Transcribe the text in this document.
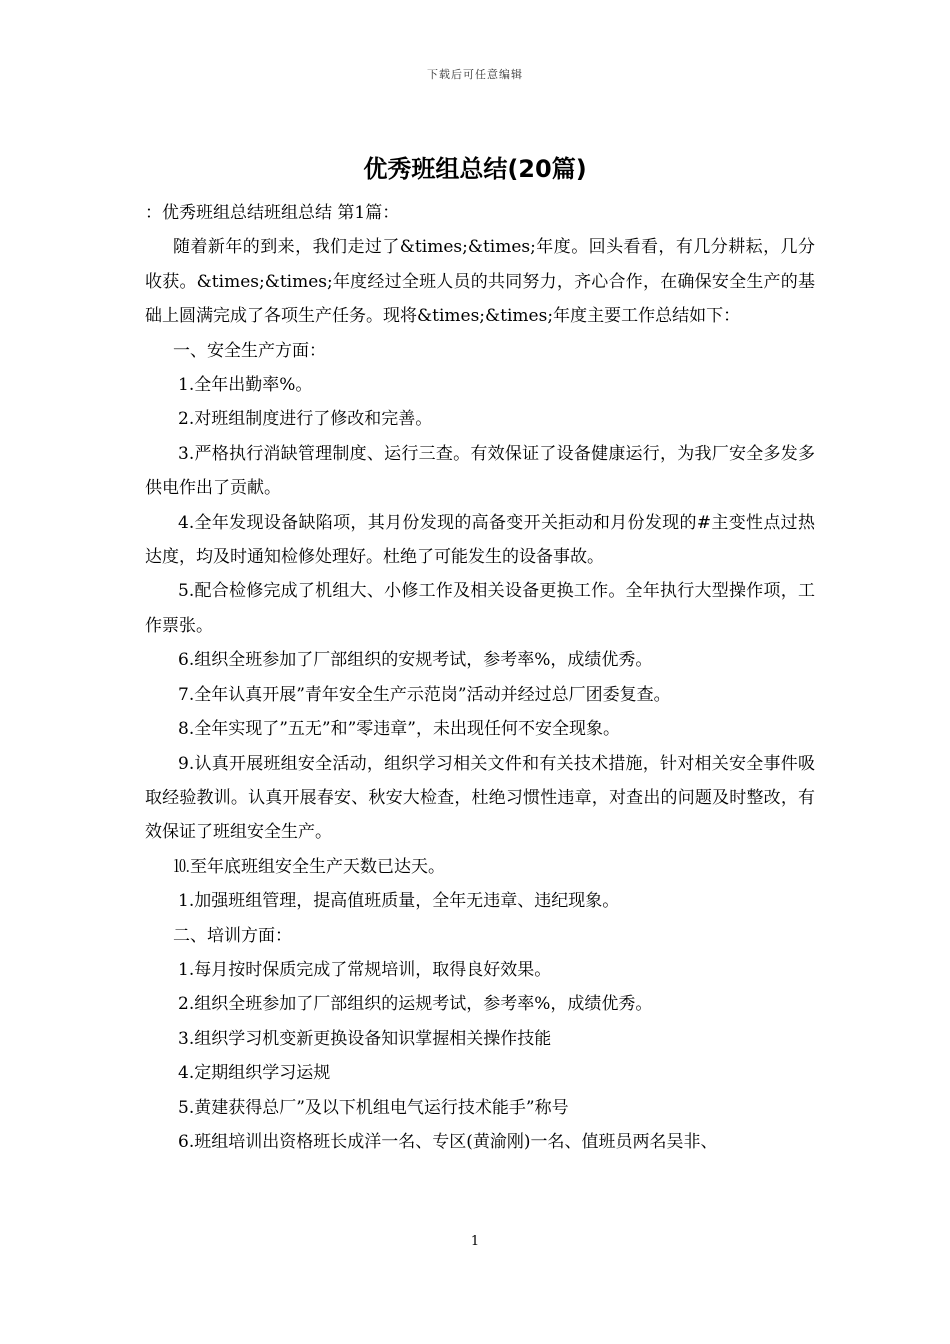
下载后可任意编辑
优秀班组总结(20篇)

：优秀班组总结班组总结 第1篇：

随着新年的到来，我们走过了&times;&times;年度。回头看看，有几分耕耘，几分收获。&times;&times;年度经过全班人员的共同努力，齐心合作，在确保安全生产的基础上圆满完成了各项生产任务。现将&times;&times;年度主要工作总结如下：

一、安全生产方面：

1.全年出勤率%。

2.对班组制度进行了修改和完善。

3.严格执行消缺管理制度、运行三查。有效保证了设备健康运行，为我厂安全多发多供电作出了贡献。

4.全年发现设备缺陷项，其月份发现的高备变开关拒动和月份发现的#主变性点过热达度，均及时通知检修处理好。杜绝了可能发生的设备事故。

5.配合检修完成了机组大、小修工作及相关设备更换工作。全年执行大型操作项，工作票张。

6.组织全班参加了厂部组织的安规考试，参考率%，成绩优秀。

7.全年认真开展”青年安全生产示范岗”活动并经过总厂团委复查。

8.全年实现了”五无”和”零违章”，未出现任何不安全现象。

9.认真开展班组安全活动，组织学习相关文件和有关技术措施，针对相关安全事件吸取经验教训。认真开展春安、秋安大检查，杜绝习惯性违章，对查出的问题及时整改，有效保证了班组安全生产。

⒑至年底班组安全生产天数已达天。

1.加强班组管理，提高值班质量，全年无违章、违纪现象。

二、培训方面：

1.每月按时保质完成了常规培训，取得良好效果。

2.组织全班参加了厂部组织的运规考试，参考率%，成绩优秀。

3.组织学习机变新更换设备知识掌握相关操作技能

4.定期组织学习运规

5.黄建获得总厂”及以下机组电气运行技术能手”称号

6.班组培训出资格班长成洋一名、专区(黄渝刚)一名、值班员两名吴非、

1
